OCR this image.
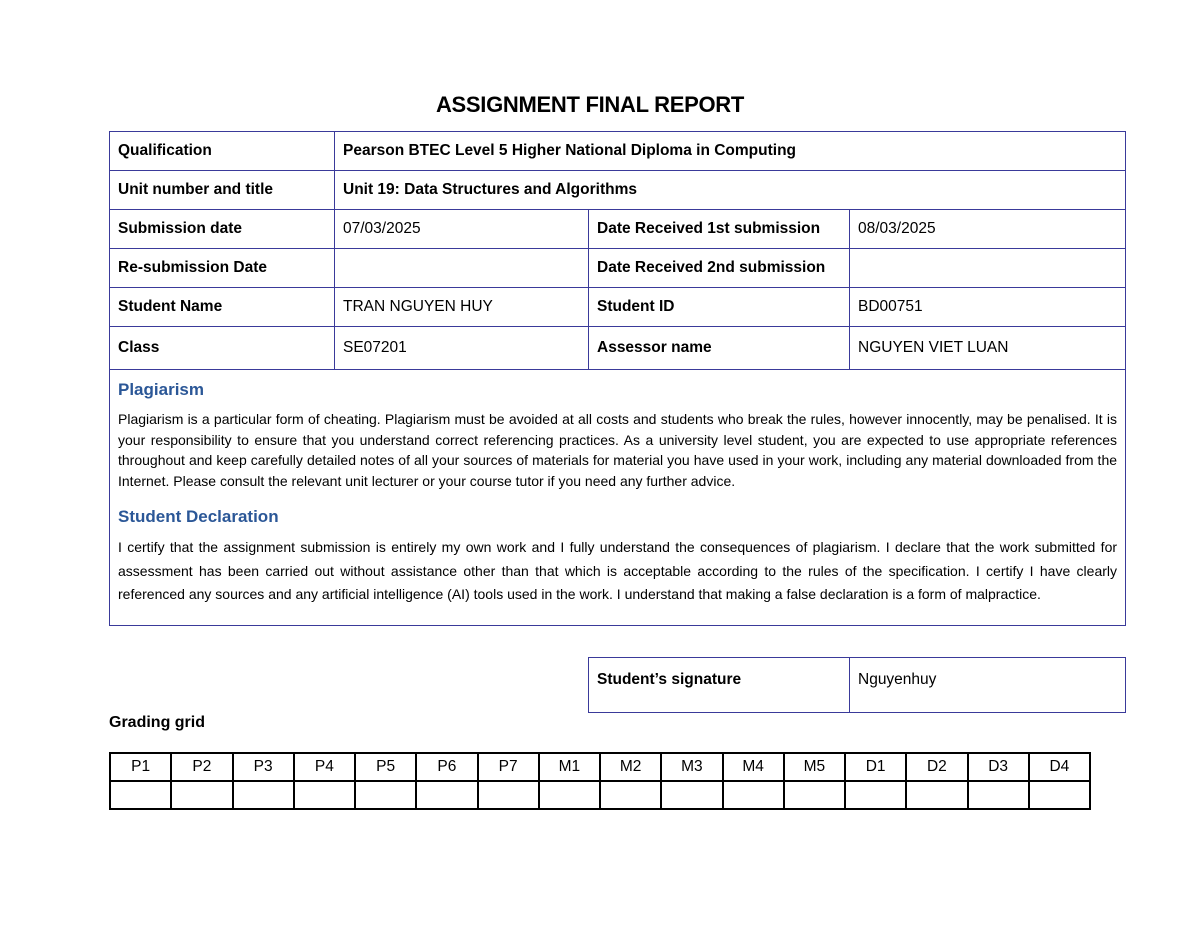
ASSIGNMENT FINAL REPORT
Qualification	Pearson BTEC Level 5 Higher National Diploma in Computing		
Unit number and title	Unit 19: Data Structures and Algorithms		
Submission date	07/03/2025	Date Received 1st submission	08/03/2025
Re-submission Date		Date Received 2nd submission	
Student Name	TRAN NGUYEN HUY	Student ID	BD00751
Class	SE07201	Assessor name	NGUYEN VIET LUAN

Plagiarism

Plagiarism is a particular form of cheating. Plagiarism must be avoided at all costs and students who break the rules, however innocently, may be penalised. It is your responsibility to ensure that you understand correct referencing practices. As a university level student, you are expected to use appropriate references throughout and keep carefully detailed notes of all your sources of materials for material you have used in your work, including any material downloaded from the Internet. Please consult the relevant unit lecturer or your course tutor if you need any further advice.

Student Declaration

I certify that the assignment submission is entirely my own work and I fully understand the consequences of plagiarism. I declare that the work submitted for assessment has been carried out without assistance other than that which is acceptable according to the rules of the specification. I certify I have clearly referenced any sources and any artificial intelligence (AI) tools used in the work. I understand that making a false declaration is a form of malpractice.			

Student’s signature	Nguyenhuy
Grading grid
P1	P2	P3	P4	P5	P6	P7	M1	M2	M3	M4	M5	D1	D2	D3	D4
